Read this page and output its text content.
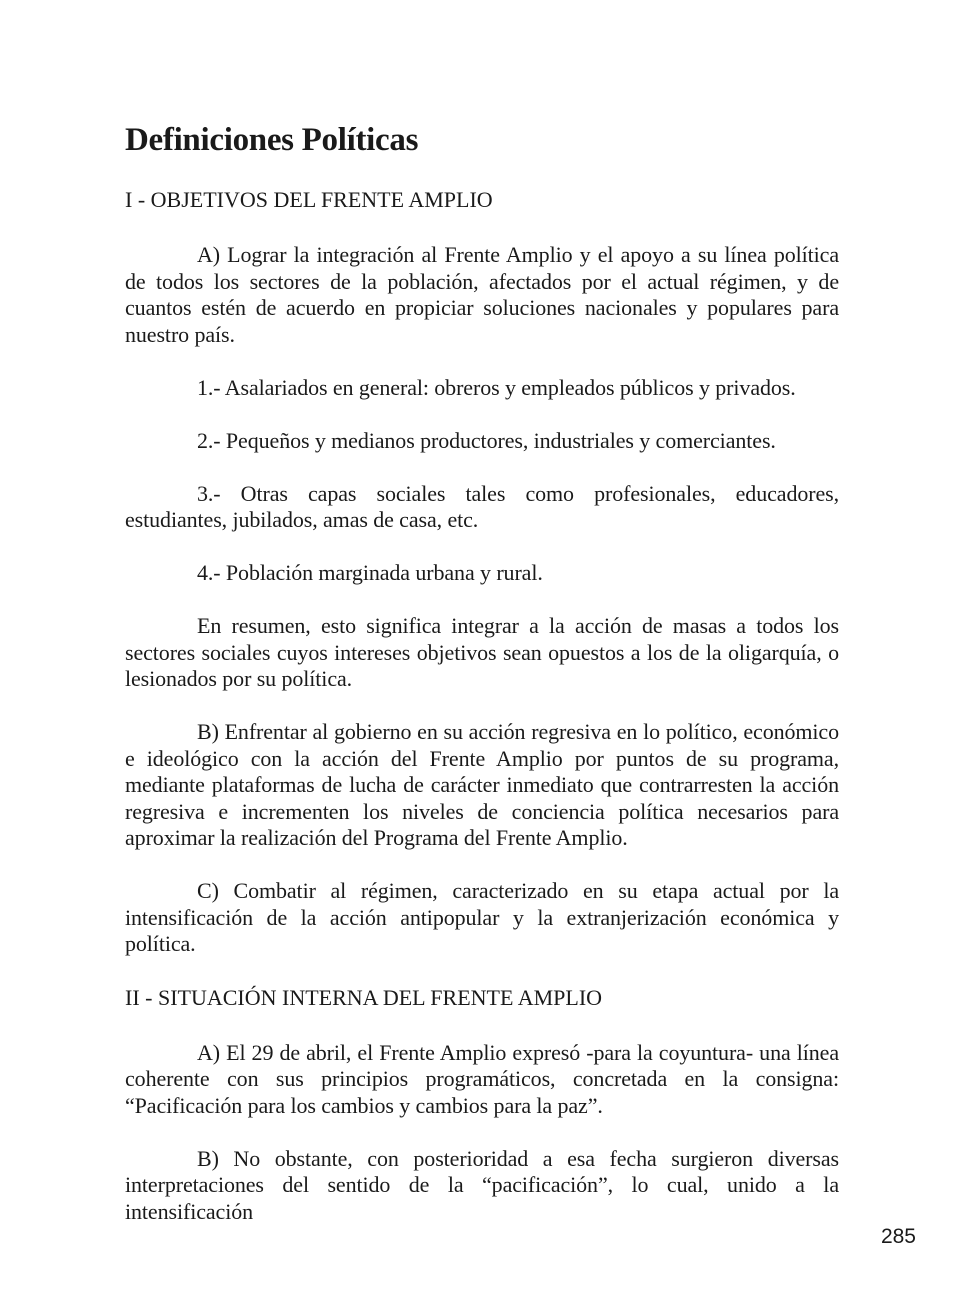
Definiciones Políticas
I - OBJETIVOS DEL FRENTE AMPLIO

A) Lograr la integración al Frente Amplio y el apoyo a su línea política de todos los sectores de la población, afectados por el actual régimen, y de cuantos estén de acuerdo en propiciar soluciones nacionales y populares para nuestro país.

1.- Asalariados en general: obreros y empleados públicos y privados.

2.- Pequeños y medianos productores, industriales y comerciantes.

3.- Otras capas sociales tales como profesionales, educadores, estudiantes, jubilados, amas de casa, etc.

4.- Población marginada urbana y rural.

En resumen, esto significa integrar a la acción de masas a todos los sectores sociales cuyos intereses objetivos sean opuestos a los de la oligarquía, o lesionados por su política.

B) Enfrentar al gobierno en su acción regresiva en lo político, económico e ideológico con la acción del Frente Amplio por puntos de su programa, mediante plataformas de lucha de carácter inmediato que contrarresten la acción regresiva e incrementen los niveles de conciencia política necesarios para aproximar la realización del Programa del Frente Amplio.

C) Combatir al régimen, caracterizado en su etapa actual por la intensificación de la acción antipopular y la extranjerización económica y política.

II - SITUACIÓN INTERNA DEL FRENTE AMPLIO

A) El 29 de abril, el Frente Amplio expresó -para la coyuntura- una línea coherente con sus principios programáticos, concretada en la consigna: “Pacificación para los cambios y cambios para la paz”.

B) No obstante, con posterioridad a esa fecha surgieron diversas interpretaciones del sentido de la “pacificación”, lo cual, unido a la intensificación

285
